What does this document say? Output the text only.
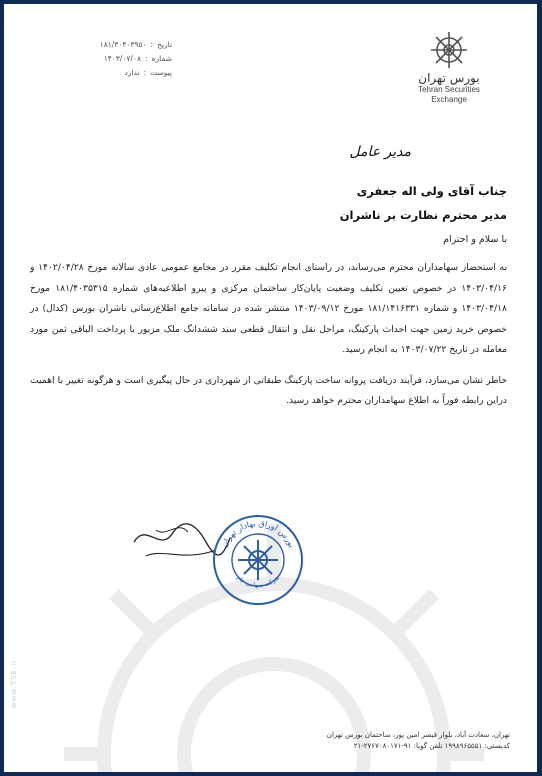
www.TSE.ir
تاریخ
:
۱۸۱/۳۰۴۰۳۹۵۰
شماره
:
۱۴۰۳/۰۷/۰۸
پیوست
:
ندارد	بورس تهران
Tehran Securities
Exchange
مدیر عامل
جناب آقای ولی اله جعفری
مدیر محترم نظارت بر ناشران
با سلام و احترام

به استحضار سهامداران محترم می‌رساند، در راستای انجام تکلیف مقرر در مجامع عمومی عادی سالانه مورخ ۱۴۰۲/۰۴/۲۸ و ۱۴۰۳/۰۴/۱۶ در خصوص تعیین تکلیف وضعیت پایان‌کار ساختمان مرکزی و پیرو اطلاعیه‌های شماره ۱۸۱/۴۰۳۵۳۱۵ مورخ ۱۴۰۳/۰۴/۱۸ و شماره ۱۸۱/۱۴۱۶۳۳۱ مورخ ۱۴۰۳/۰۹/۱۲ منتشر شده در سامانه جامع اطلاع‌رسانی ناشران بورس (کدال) در خصوص خرید زمین جهت احداث پارکینگ، مراحل نقل و انتقال قطعی سند ششدانگ ملک مزبور با پرداخت الباقی ثمن مورد معامله در تاریخ ۱۴۰۳/۰۷/۲۲ به انجام رسید.

خاطر نشان می‌سازد، فرآیند دریافت پروانه ساخت پارکینگ طبقاتی از شهرداری در حال پیگیری است و هرگونه تغییر با اهمیت دراین رابطه فوراً به اطلاع سهامداران محترم خواهد رسید.

بورس اوراق بهادار تهران
شرکت سهامی عام
تهران، سعادت آباد، بلوار قیصر امین پور، ساختمان بورس تهران
کدپستی: ۱۹۹۸۹۶۵۵۵۱ تلفن گویا: ۹۱-۲۷۶۷۰۸۰۱۷۱-۲۱
